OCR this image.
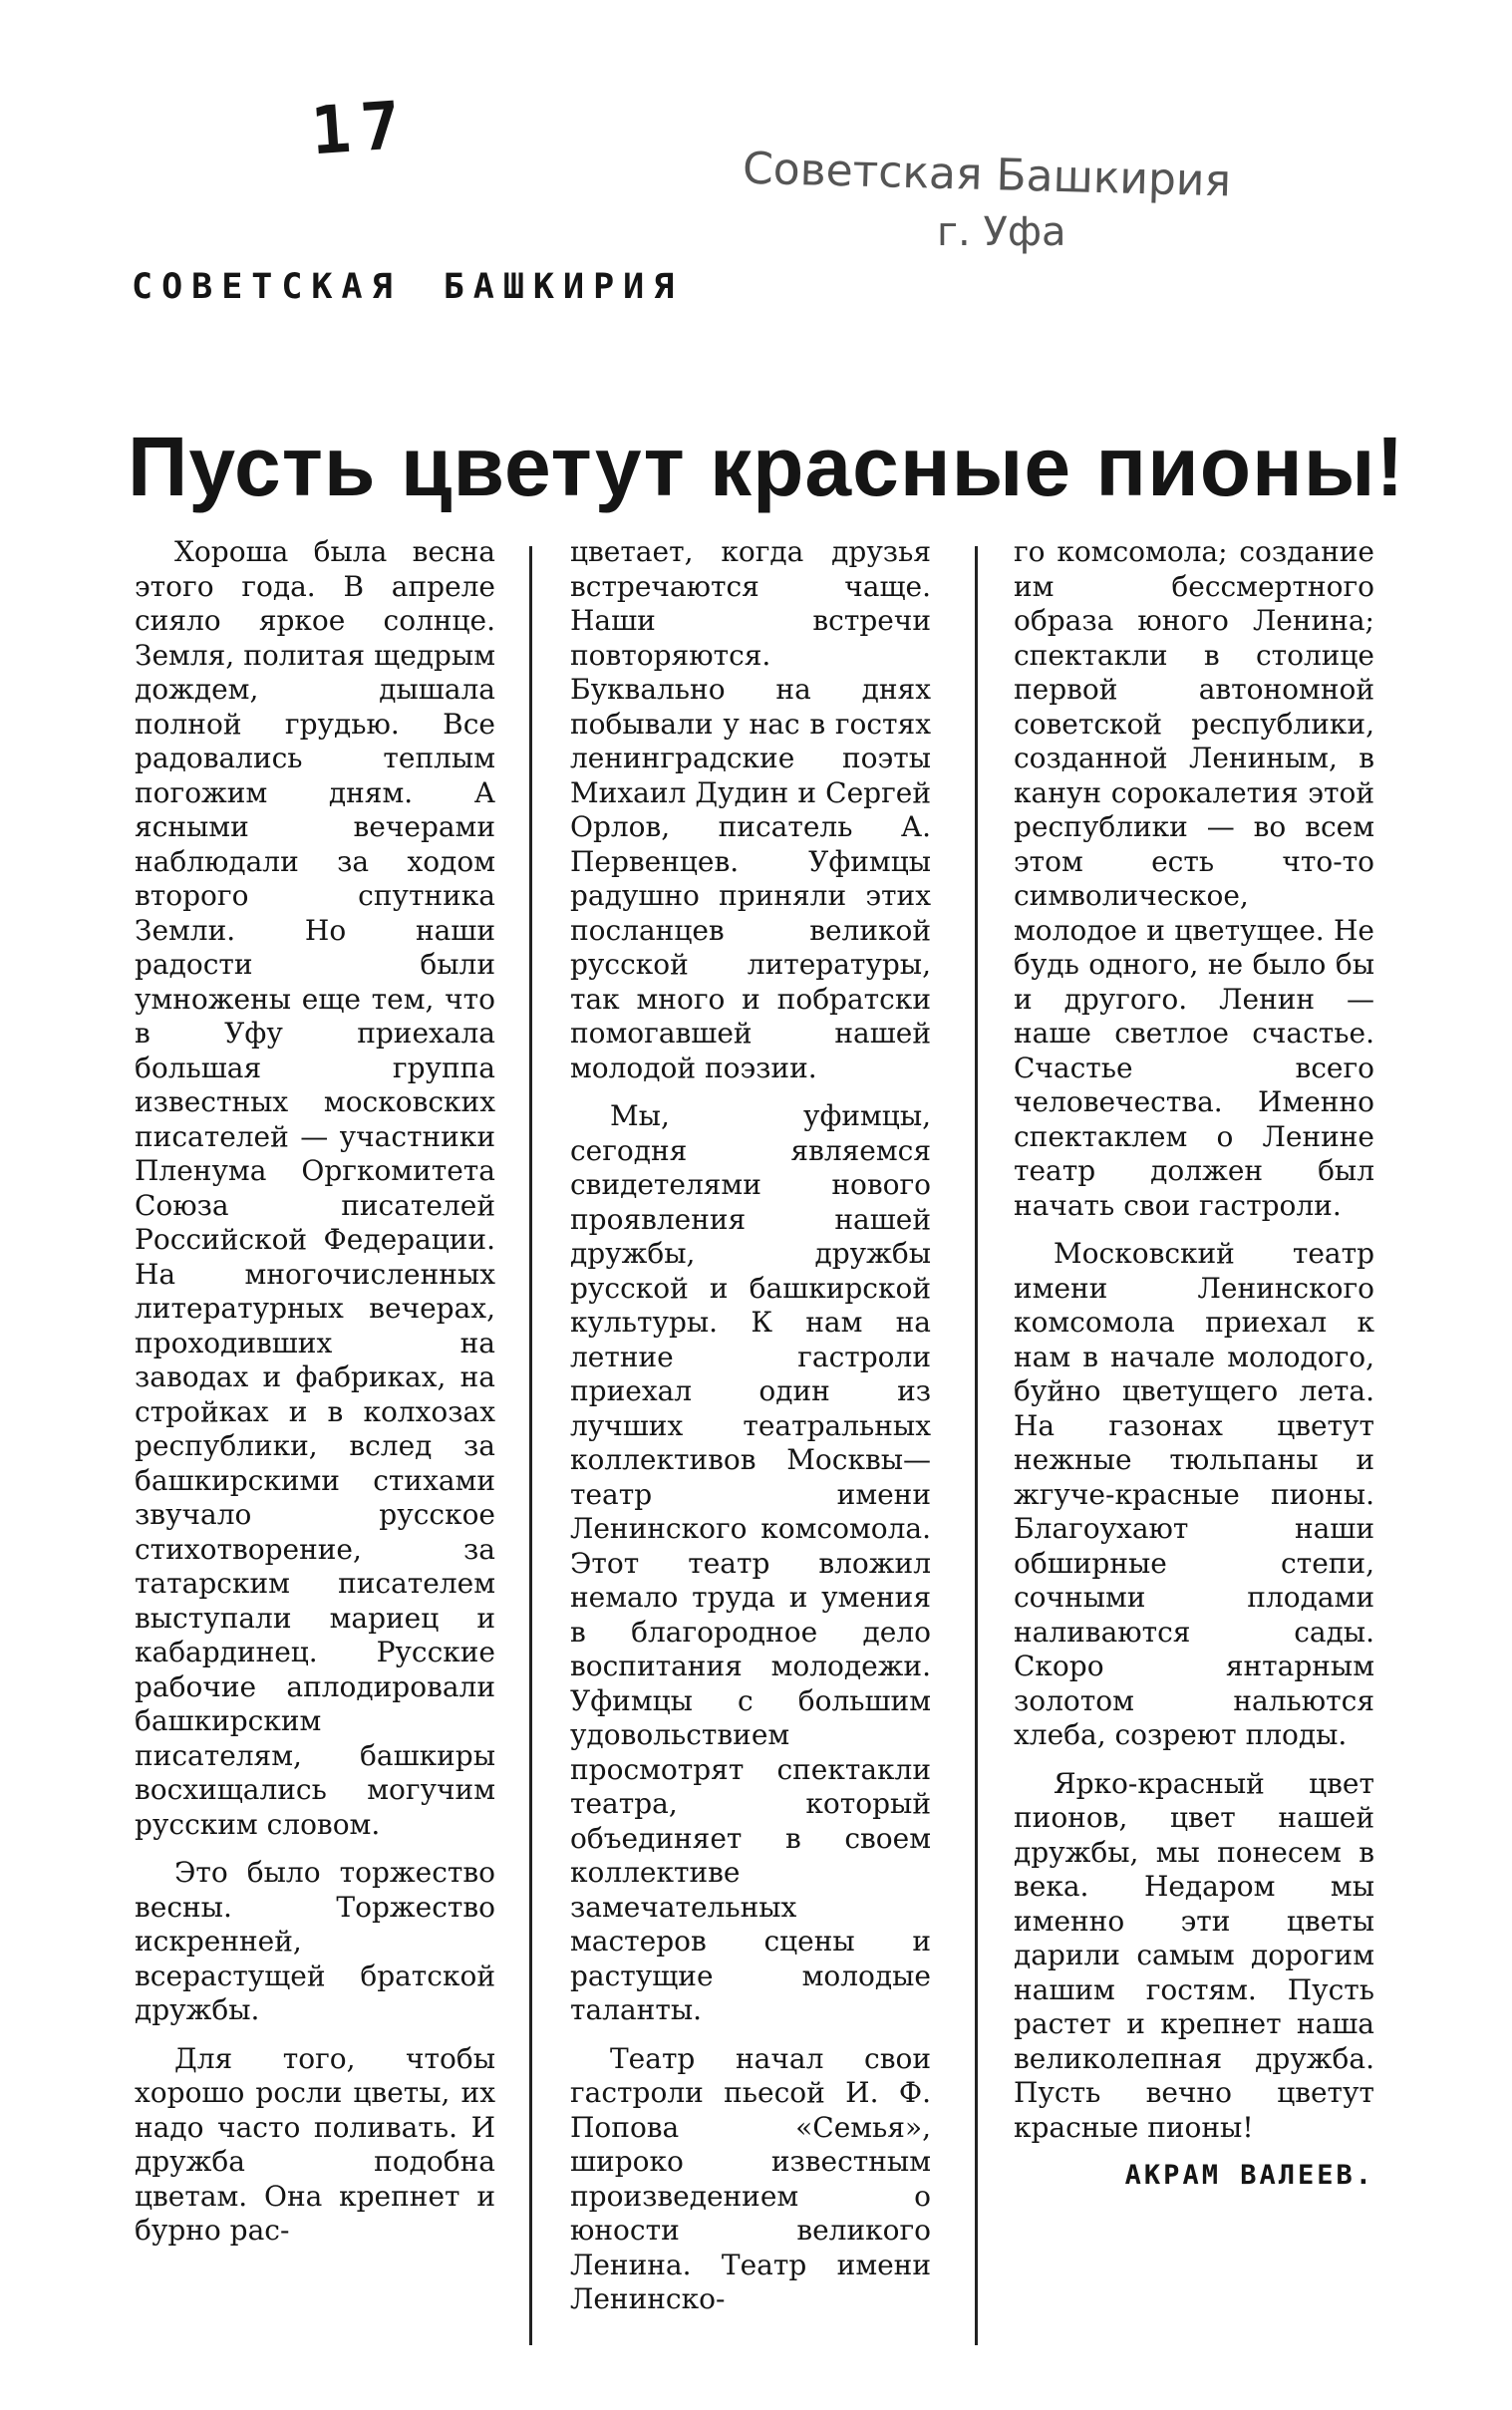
17
Советская Башкирия
г. Уфа
СОВЕТСКАЯ БАШКИРИЯ
Пусть цветут красные пионы!

Хороша была весна этого года. В апреле сияло яркое солнце. Земля, политая щедрым дождем, дышала полной грудью. Все радовались теплым погожим дням. А ясными вечерами наблюдали за ходом второго спутника Земли. Но наши радости были умножены еще тем, что в Уфу приехала большая группа известных московских писателей — участники Пленума Оргкомитета Союза писателей Российской Федерации. На многочисленных литературных вечерах, проходивших на заводах и фабриках, на стройках и в колхозах республики, вслед за башкирскими стихами звучало русское стихотворение, за татарским писателем выступали мариец и кабардинец. Русские рабочие аплодировали башкирским писателям, башкиры восхищались могучим русским словом.

Это было торжество весны. Торжество искренней, всерастущей братской дружбы.

Для того, чтобы хорошо росли цветы, их надо часто поливать. И дружба подобна цветам. Она крепнет и бурно рас-

цветает, когда друзья встречаются чаще. Наши встречи повторяются. Буквально на днях побывали у нас в гостях ленинградские поэты Михаил Дудин и Сергей Орлов, писатель А. Первенцев. Уфимцы радушно приняли этих посланцев великой русской литературы, так много и побратски помогавшей нашей молодой поэзии.

Мы, уфимцы, сегодня являемся свидетелями нового проявления нашей дружбы, дружбы русской и башкирской культуры. К нам на летние гастроли приехал один из лучших театральных коллективов Москвы—театр имени Ленинского комсомола. Этот театр вложил немало труда и умения в благородное дело воспитания молодежи. Уфимцы с большим удовольствием просмотрят спектакли театра, который объединяет в своем коллективе замечательных мастеров сцены и растущие молодые таланты.

Театр начал свои гастроли пьесой И. Ф. Попова «Семья», широко известным произведением о юности великого Ленина. Театр имени Ленинско-

го комсомола; создание им бессмертного образа юного Ленина; спектакли в столице первой автономной советской республики, созданной Лениным, в канун сорокалетия этой республики — во всем этом есть что-то символическое, молодое и цветущее. Не будь одного, не было бы и другого. Ленин — наше светлое счастье. Счастье всего человечества. Именно спектаклем о Ленине театр должен был начать свои гастроли.

Московский театр имени Ленинского комсомола приехал к нам в начале молодого, буйно цветущего лета. На газонах цветут нежные тюльпаны и жгуче-красные пионы. Благоухают наши обширные степи, сочными плодами наливаются сады. Скоро янтарным золотом нальются хлеба, созреют плоды.

Ярко-красный цвет пионов, цвет нашей дружбы, мы понесем в века. Недаром мы именно эти цветы дарили самым дорогим нашим гостям. Пусть растет и крепнет наша великолепная дружба. Пусть вечно цветут красные пионы!

АКРАМ ВАЛЕЕВ.
